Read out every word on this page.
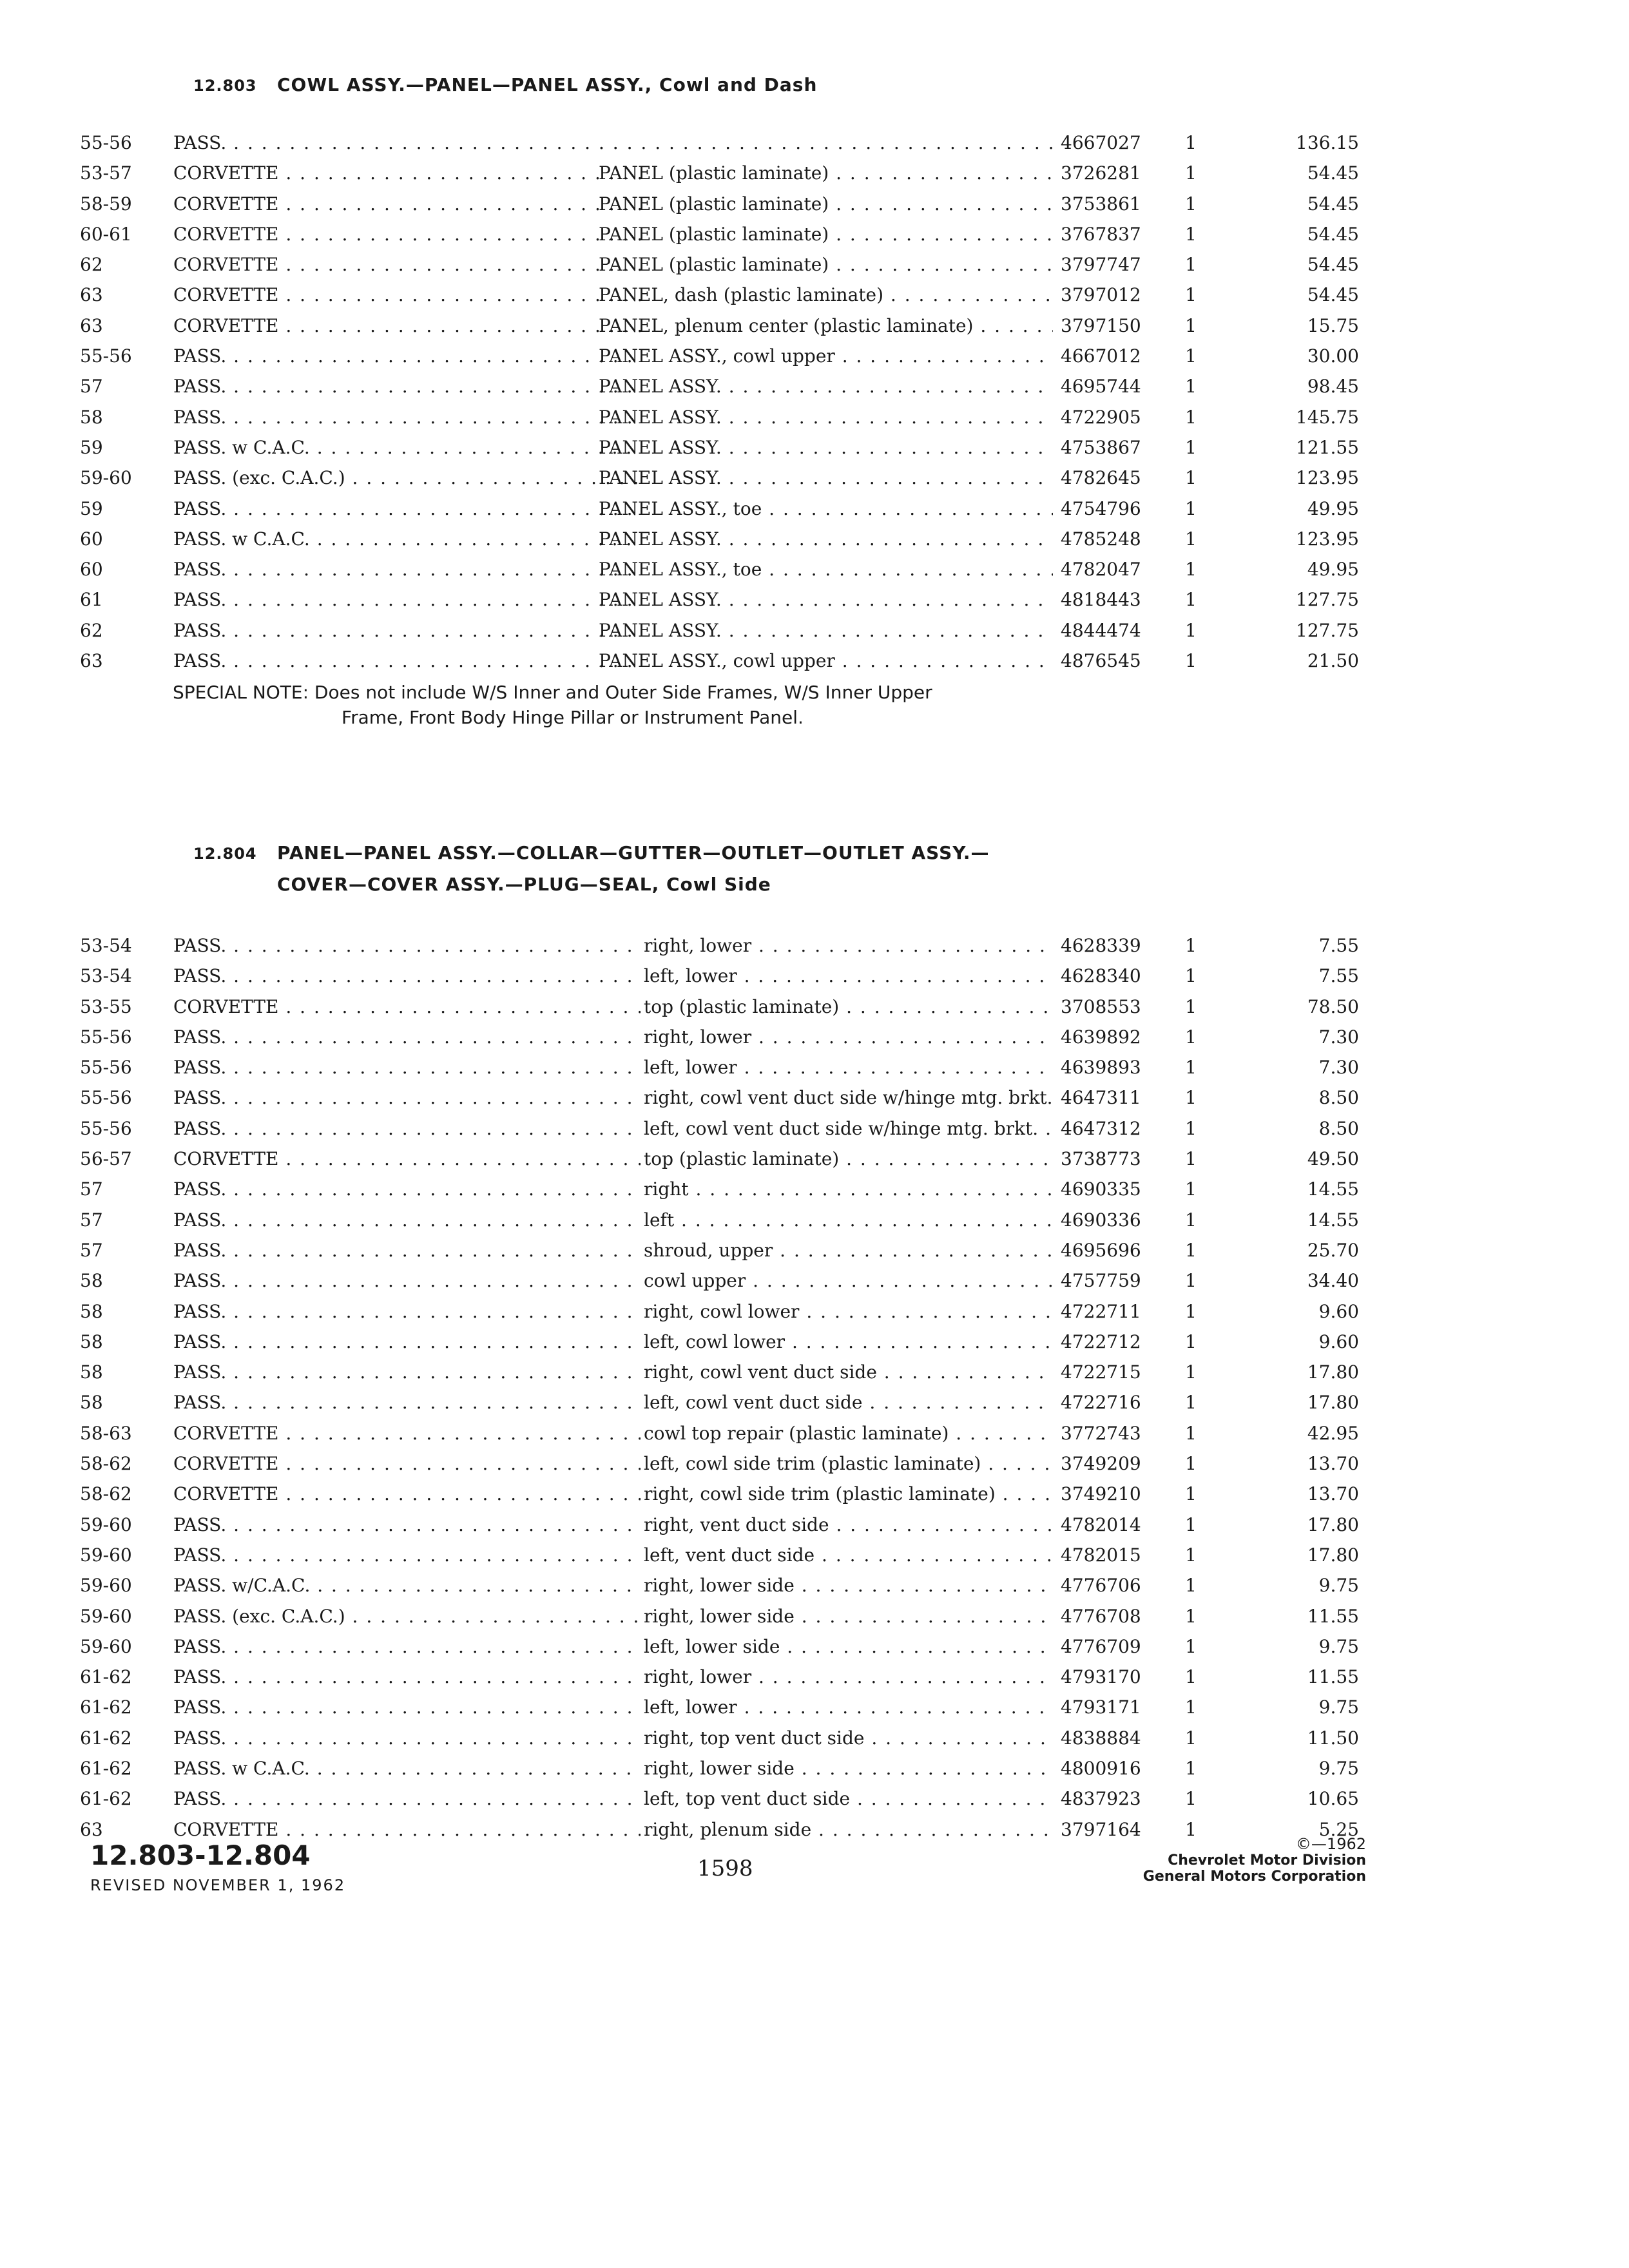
12.803 COWL ASSY.—PANEL—PANEL ASSY., Cowl and Dash
55-56	PASS. . . .
. . .	4667027	1	136.15
53-57	CORVETTE . . .	PANEL (plastic laminate) . . .	3726281	1	54.45
58-59	CORVETTE . . .	PANEL (plastic laminate) . . .	3753861	1	54.45
60-61	CORVETTE . . .	PANEL (plastic laminate) . . .	3767837	1	54.45
62	CORVETTE . . .	PANEL (plastic laminate) . . .	3797747	1	54.45
63	CORVETTE . . .	PANEL, dash (plastic laminate) . . .	3797012	1	54.45
63	CORVETTE . . .	PANEL, plenum center (plastic laminate) . . .	3797150	1	15.75
55-56	PASS. . . .	PANEL ASSY., cowl upper . . .	4667012	1	30.00
57	PASS. . . .	PANEL ASSY. . . .	4695744	1	98.45
58	PASS. . . .	PANEL ASSY. . . .	4722905	1	145.75
59	PASS. w C.A.C. . . .	PANEL ASSY. . . .	4753867	1	121.55
59-60	PASS. (exc. C.A.C.) . . .	PANEL ASSY. . . .	4782645	1	123.95
59	PASS. . . .	PANEL ASSY., toe . . .	4754796	1	49.95
60	PASS. w C.A.C. . . .	PANEL ASSY. . . .	4785248	1	123.95
60	PASS. . . .	PANEL ASSY., toe . . .	4782047	1	49.95
61	PASS. . . .	PANEL ASSY. . . .	4818443	1	127.75
62	PASS. . . .	PANEL ASSY. . . .	4844474	1	127.75
63	PASS. . . .	PANEL ASSY., cowl upper . . .	4876545	1	21.50
SPECIAL NOTE: Does not include W/S Inner and Outer Side Frames, W/S Inner Upper
Frame, Front Body Hinge Pillar or Instrument Panel.
12.804 PANEL—PANEL ASSY.—COLLAR—GUTTER—OUTLET—OUTLET ASSY.—
COVER—COVER ASSY.—PLUG—SEAL, Cowl Side
53-54	PASS. . . .	right, lower . . .	4628339	1	7.55
53-54	PASS. . . .	left, lower . . .	4628340	1	7.55
53-55	CORVETTE . . .	top (plastic laminate) . . .	3708553	1	78.50
55-56	PASS. . . .	right, lower . . .	4639892	1	7.30
55-56	PASS. . . .	left, lower . . .	4639893	1	7.30
55-56	PASS. . . .	right, cowl vent duct side w/hinge mtg. brkt. . . . 4647311	1	8.50
55-56	PASS. . . .	left, cowl vent duct side w/hinge mtg. brkt. . . .	4647312	1	8.50
56-57	CORVETTE . . .	top (plastic laminate) . . .	3738773	1	49.50
57	PASS. . . .	right . . .	4690335	1	14.55
57	PASS. . . .	left . . .	4690336	1	14.55
57	PASS. . . .	shroud, upper . . .	4695696	1	25.70
58	PASS. . . .	cowl upper . . .	4757759	1	34.40
58	PASS. . . .	right, cowl lower . . .	4722711	1	9.60
58	PASS. . . .	left, cowl lower . . .	4722712	1	9.60
58	PASS. . . .	right, cowl vent duct side . . .	4722715	1	17.80
58	PASS. . . .	left, cowl vent duct side . . .	4722716	1	17.80
58-63	CORVETTE . . .	cowl top repair (plastic laminate) . . .	3772743	1	42.95
58-62	CORVETTE . . .	left, cowl side trim (plastic laminate) . . .	3749209	1	13.70
58-62	CORVETTE . . .	right, cowl side trim (plastic laminate) . . .	3749210	1	13.70
59-60	PASS. . . .	right, vent duct side . . .	4782014	1	17.80
59-60	PASS. . . .	left, vent duct side . . .	4782015	1	17.80
59-60	PASS. w/C.A.C. . . .	right, lower side . . .	4776706	1	9.75
59-60	PASS. (exc. C.A.C.) . . .	right, lower side . . .	4776708	1	11.55
59-60	PASS. . . .	left, lower side . . .	4776709	1	9.75
61-62	PASS. . . .	right, lower . . .	4793170	1	11.55
61-62	PASS. . . .	left, lower . . .	4793171	1	9.75
61-62	PASS. . . .	right, top vent duct side . . .	4838884	1	11.50
61-62	PASS. w C.A.C. . . .	right, lower side . . .	4800916	1	9.75
61-62	PASS. . . .	left, top vent duct side . . .	4837923	1	10.65
63	CORVETTE . . .	right, plenum side . . .	3797164	1	5.25
12.803-12.804
REVISED NOVEMBER 1, 1962
1598
©—1962
Chevrolet Motor Division
General Motors Corporation
